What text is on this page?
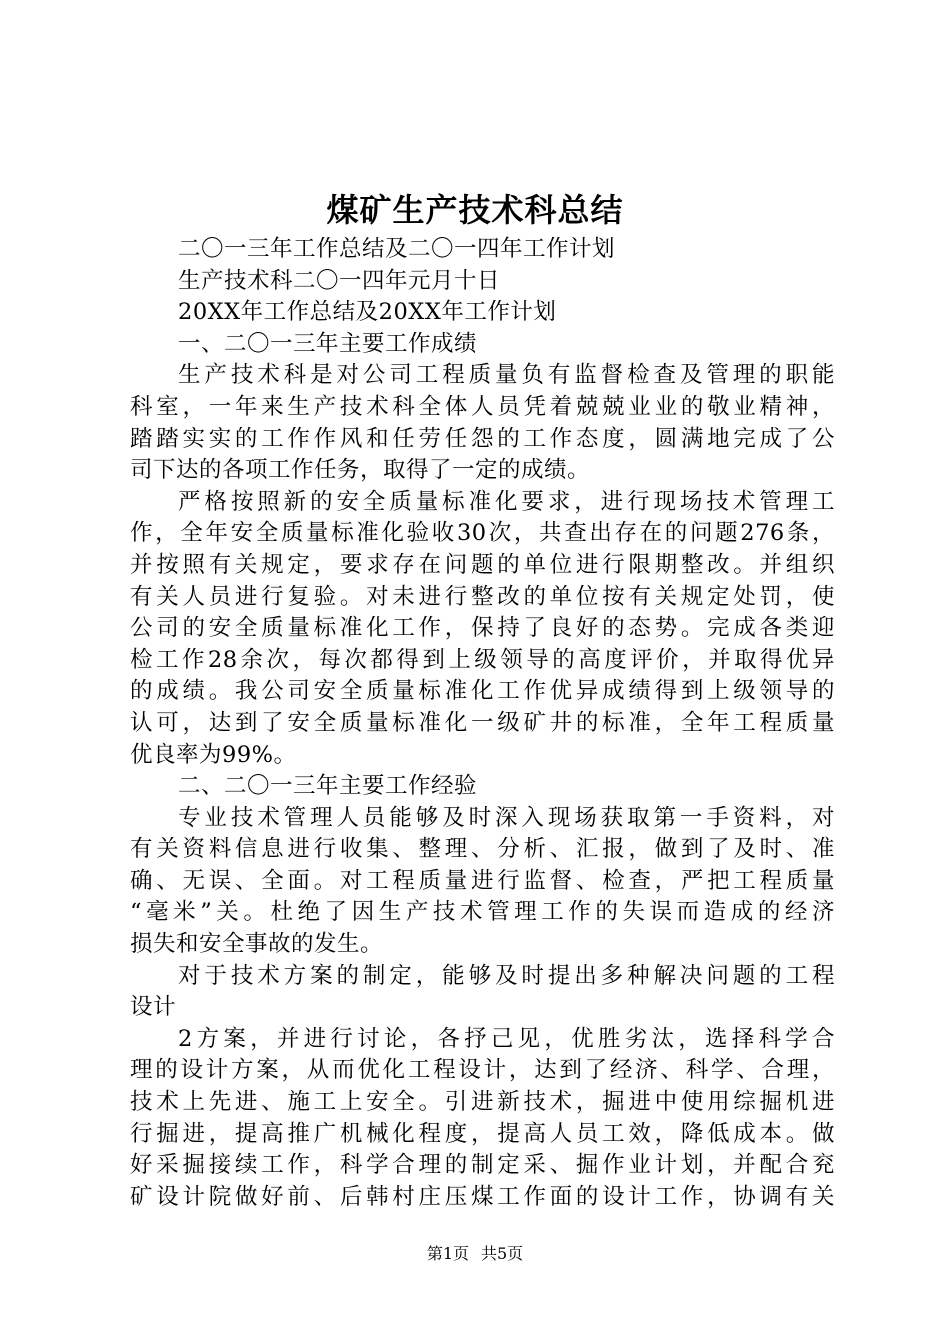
煤矿生产技术科总结
二〇一三年工作总结及二〇一四年工作计划
生产技术科二〇一四年元月十日
20XX年工作总结及20XX年工作计划
一、二〇一三年主要工作成绩
生产技术科是对公司工程质量负有监督检查及管理的职能
科室，一年来生产技术科全体人员凭着兢兢业业的敬业精神，
踏踏实实的工作作风和任劳任怨的工作态度，圆满地完成了公
司下达的各项工作任务，取得了一定的成绩。
严格按照新的安全质量标准化要求，进行现场技术管理工
作，全年安全质量标准化验收30次，共查出存在的问题276条，
并按照有关规定，要求存在问题的单位进行限期整改。并组织
有关人员进行复验。对未进行整改的单位按有关规定处罚，使
公司的安全质量标准化工作，保持了良好的态势。完成各类迎
检工作28余次，每次都得到上级领导的高度评价，并取得优异
的成绩。我公司安全质量标准化工作优异成绩得到上级领导的
认可，达到了安全质量标准化一级矿井的标准，全年工程质量
优良率为99%。
二、二〇一三年主要工作经验
专业技术管理人员能够及时深入现场获取第一手资料，对
有关资料信息进行收集、整理、分析、汇报，做到了及时、准
确、无误、全面。对工程质量进行监督、检查，严把工程质量
“毫米”关。杜绝了因生产技术管理工作的失误而造成的经济
损失和安全事故的发生。
对于技术方案的制定，能够及时提出多种解决问题的工程
设计
2方案，并进行讨论，各抒己见，优胜劣汰，选择科学合
理的设计方案，从而优化工程设计，达到了经济、科学、合理，
技术上先进、施工上安全。引进新技术，掘进中使用综掘机进
行掘进，提高推广机械化程度，提高人员工效，降低成本。做
好采掘接续工作，科学合理的制定采、掘作业计划，并配合兖
矿设计院做好前、后韩村庄压煤工作面的设计工作，协调有关
第1页 共5页
